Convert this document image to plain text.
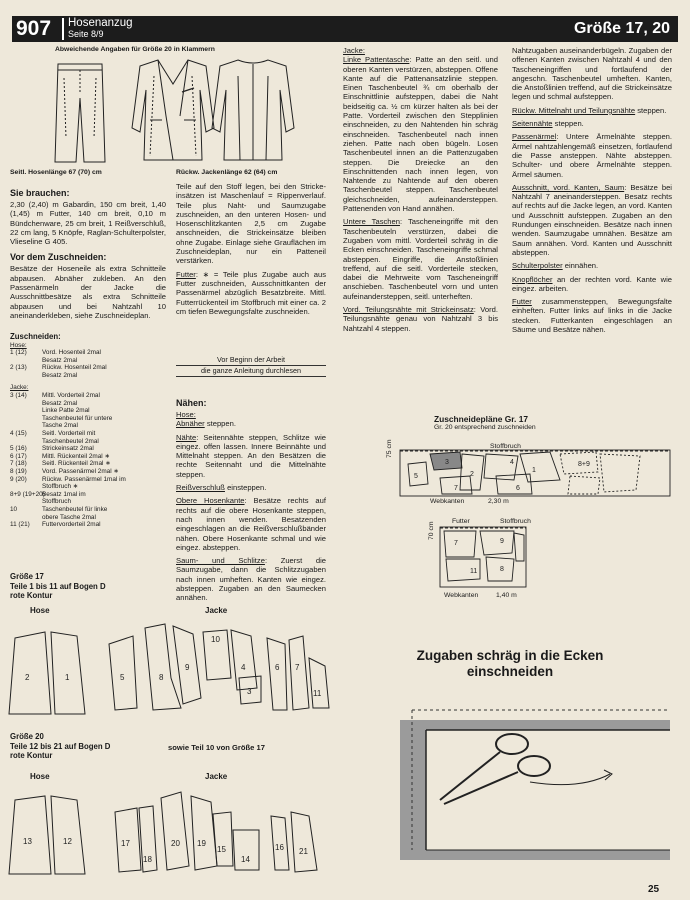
907 Hosenanzug
Seite 8/9	Größe 17, 20
Abweichende Angaben für Größe 20 in Klammern
Seitl. Hosenlänge 67 (70) cm	Rückw. Jackenlänge 62 (64) cm
Sie brauchen:

2,30 (2,40) m Gabardin, 150 cm breit, 1,40 (1,45) m Futter, 140 cm breit, 0,10 m Bündchenware, 25 cm breit, 1 Reißverschluß, 22 cm lang, 5 Knöpfe, Raglan-Schulterpolster, Vlieseline G 405.

Vor dem Zuschneiden:

Besätze der Hoseneile als extra Schnitteile abpausen. Abnäher zukleben. An den Passenärmeln der Jacke die Ausschnittbesätze als extra Schnitteile abpausen und bei Nahtzahl 10 aneinanderkleben, siehe Zuschneideplan.

Zuschneiden:
Hose:
1 (12) Vord. Hosenteil 2mal
Besatz 2mal
2 (13) Rückw. Hosenteil 2mal
Besatz 2mal
Jacke:
3 (14) Mittl. Vorderteil 2mal
Besatz 2mal
Linke Patte 2mal
Taschenbeutel für untere
Tasche 2mal
4 (15) Seitl. Vorderteil mit
Taschenbeutel 2mal
5 (16) Strickeinsatz 2mal
6 (17) Mittl. Rückenteil 2mal ∗
7 (18) Seitl. Rückenteil 2mal ∗
8 (19) Vord. Passenärmel 2mal ∗
9 (20) Rückw. Passenärmel 1mal im
Stoffbruch ∗
8+9 (19+20)Besatz 1mal im
Stoffbruch
10	Taschenbeutel für linke
obere Tasche 2mal
11 (21) Futtervorderteil 2mal
Größe 17
Teile 1 bis 11 auf Bogen D
rote Kontur
Hose	Jacke
2	1	5	8
9
10
4
3
6 7
11
Größe 20
Teile 12 bis 21 auf Bogen D
rote Kontur
sowie Teil 10 von Größe 17
Hose	Jacke
13	12	17
18
20 19
15
14
16 21

Teile auf den Stoff legen, bei den Strickeinsätzen ist Maschenlauf = Rippenverlauf. Teile plus Naht- und Saumzugabe zuschneiden, an den unteren Hosen- und Hosenschlitzkanten 2,5 cm Zugabe anschneiden, die Strickeinsätze bleiben ohne Zugabe. Einlage siehe Grauflächen im Zuschneideplan, nur ein Patteneil verstärken.

Futter: ∗ = Teile plus Zugabe auch aus Futter zuschneiden, Ausschnittkanten der Passenärmel abzüglich Besatzbreite. Mittl. Futterrückenteil im Stoffbruch mit einer ca. 2 cm tiefen Bewegungsfalte zuschneiden.

Vor Beginn der Arbeit
die ganze Anleitung durchlesen
Nähen:
Hose:

Abnäher steppen.

Nähte: Seitennähte steppen, Schlitze wie eingez. offen lassen. Innere Beinnähte und Mittelnaht steppen. An den Besätzen die rechte Seitennaht und die Mittelnähte steppen.

Reißverschluß einsteppen.

Obere Hosenkante: Besätze rechts auf rechts auf die obere Hosenkante steppen, nach innen wenden. Besatzenden eingeschlagen an die Reißverschlußbänder nähen. Obere Hosenkante schmal und wie eingez. absteppen.

Saum- und Schlitze: Zuerst die Saumzugabe, dann die Schlitzzugaben nach innen umheften. Kanten wie eingez. absteppen. Zugaben an den Saumecken annähen.

Jacke:

Linke Pattentasche: Patte an den seitl. und oberen Kanten verstürzen, absteppen. Offene Kante auf die Pattenansatzlinie steppen. Einen Taschenbeutel ¾ cm oberhalb der Einschnittlinie aufsteppen, dabei die Naht beidseitig ca. ½ cm kürzer halten als bei der Patte. Vorderteil zwischen den Stepplinien einschneiden, zu den Nahtenden hin schräg einschneiden. Taschenbeutel nach innen ziehen. Patte nach oben bügeln. Losen Taschenbeutel innen an die Pattenzugaben steppen. Die Dreiecke an den Einschnittenden nach innen legen, von Nahtende zu Nahtende auf den oberen Taschenbeutel steppen. Taschenbeutel gleichschneiden, aufeinandersteppen. Pattenenden von Hand annähen.

Untere Taschen: Tascheneingriffe mit den Taschenbeuteln verstürzen, dabei die Zugaben vom mittl. Vorderteil schräg in die Ecken einschneiden. Tascheneingriffe schmal absteppen. Eingriffe, die Anstoßlinien treffend, auf die seitl. Vorderteile stecken, dabei die Mehrweite vom Tascheneingriff anschieben. Taschenbeutel vorn und unten aufeinandersteppen, seitl. unterheften.

Vord. Teilungsnähte mit Strickeinsatz: Vord. Teilungsnähte genau von Nahtzahl 3 bis Nahtzahl 4 steppen.

Nahtzugaben auseinanderbügeln. Zugaben der offenen Kanten zwischen Nahtzahl 4 und den Tascheneingriffen und fortlaufend der angeschn. Taschenbeutel umheften. Kanten, die Anstoßlinien treffend, auf die Strickeinsätze legen und schmal aufsteppen.

Rückw. Mittelnaht und Teilungsnähte steppen.

Seitennähte steppen.

Passenärmel: Untere Ärmelnähte steppen. Ärmel nahtzahlengemäß einsetzen, fortlaufend die Passe ansteppen. Nähte absteppen. Schulter- und obere Ärmelnähte steppen. Ärmel säumen.

Ausschnitt, vord. Kanten, Saum: Besätze bei Nahtzahl 7 aneinandersteppen. Besatz rechts auf rechts auf die Jacke legen, an vord. Kanten und Ausschnitt aufsteppen. Zugaben an den Rundungen einschneiden. Besätze nach innen wenden. Saumzugabe umnähen. Besätze am Saum annähen. Vord. Kanten und Ausschnitt absteppen.

Schulterpolster einnähen.

Knopflöcher an der rechten vord. Kante wie eingez. arbeiten.

Futter zusammensteppen, Bewegungsfalte einheften. Futter links auf links in die Jacke stecken. Futterkanten eingeschlagen an Säume und Besätze nähen.

Zuschneidepläne Gr. 17
Gr. 20 entsprechend zuschneiden
Stoffbruch
3
5	2
4
7	6
1
8+9
75 cm
Webkanten	2,30 m
Futter	Stoffbruch
7	9
11	8
70 cm
Webkanten	1,40 m
Zugaben schräg in die Ecken
einschneiden
25
